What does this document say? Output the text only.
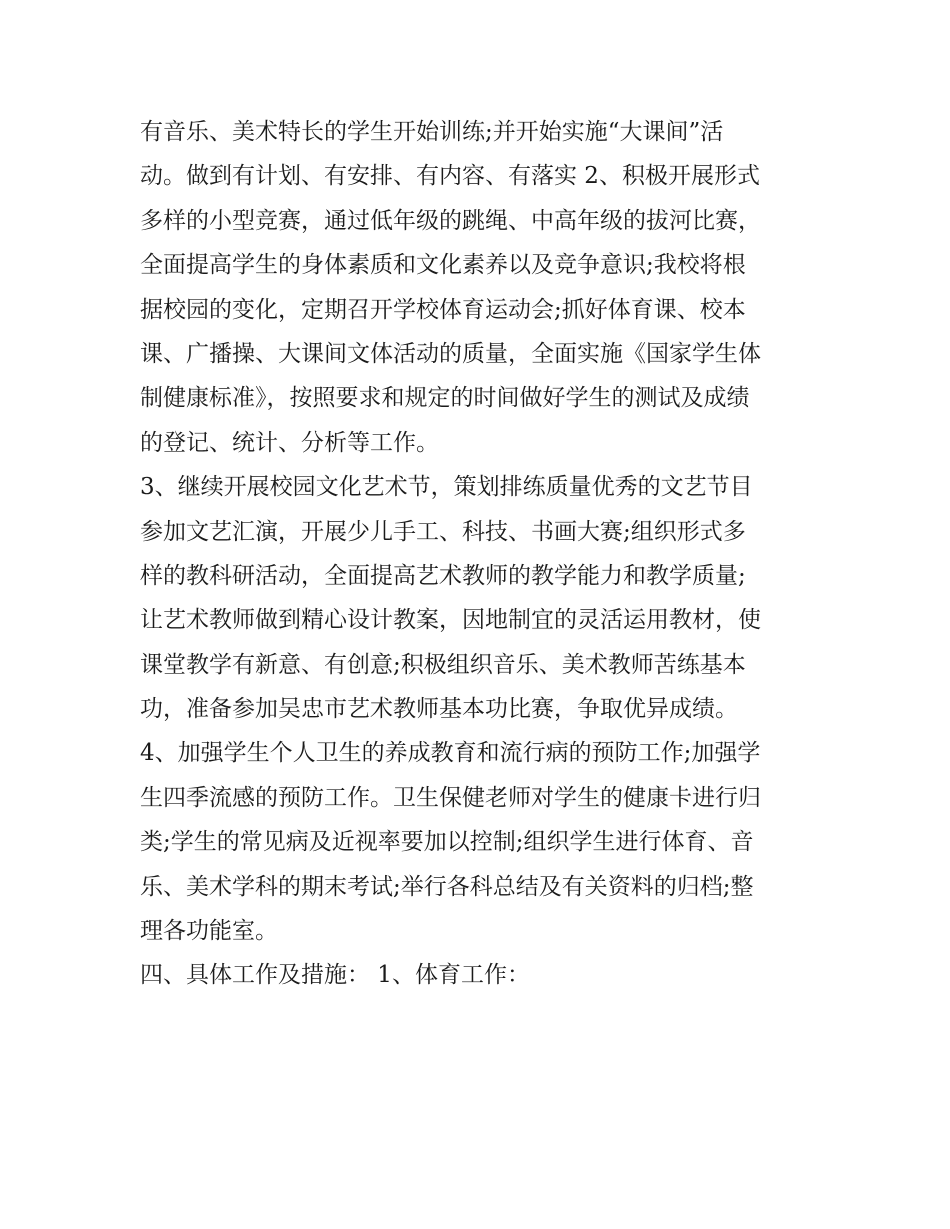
有音乐、美术特长的学生开始训练;并开始实施“大课间”活
动。做到有计划、有安排、有内容、有落实 2、积极开展形式
多样的小型竞赛，通过低年级的跳绳、中高年级的拔河比赛，
全面提高学生的身体素质和文化素养以及竞争意识;我校将根
据校园的变化，定期召开学校体育运动会;抓好体育课、校本
课、广播操、大课间文体活动的质量，全面实施《国家学生体
制健康标准》，按照要求和规定的时间做好学生的测试及成绩
的登记、统计、分析等工作。
3、继续开展校园文化艺术节，策划排练质量优秀的文艺节目
参加文艺汇演，开展少儿手工、科技、书画大赛;组织形式多
样的教科研活动，全面提高艺术教师的教学能力和教学质量;
让艺术教师做到精心设计教案，因地制宜的灵活运用教材，使
课堂教学有新意、有创意;积极组织音乐、美术教师苦练基本
功，准备参加吴忠市艺术教师基本功比赛，争取优异成绩。
4、加强学生个人卫生的养成教育和流行病的预防工作;加强学
生四季流感的预防工作。卫生保健老师对学生的健康卡进行归
类;学生的常见病及近视率要加以控制;组织学生进行体育、音
乐、美术学科的期末考试;举行各科总结及有关资料的归档;整
理各功能室。
四、具体工作及措施： 1、体育工作：
